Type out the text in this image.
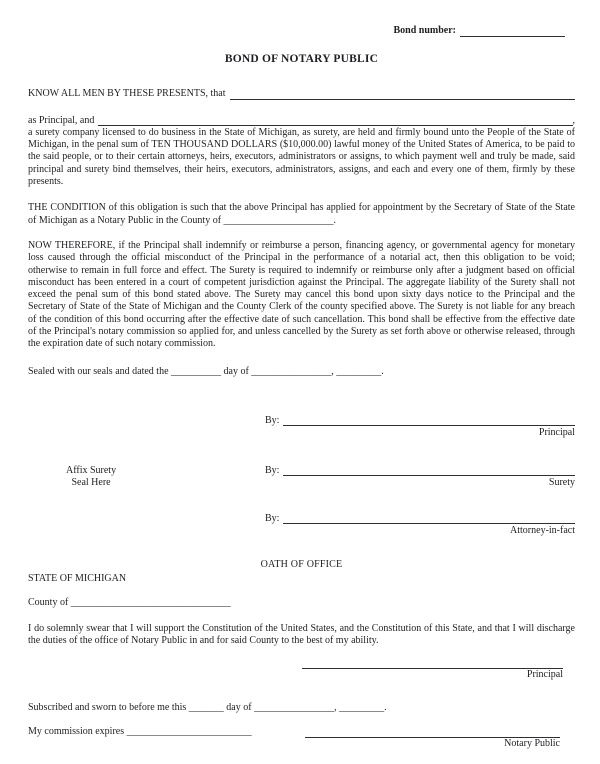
Bond number:
BOND OF NOTARY PUBLIC
KNOW ALL MEN BY THESE PRESENTS, that
as Principal, and	,
a surety company licensed to do business in the State of Michigan, as surety, are held and firmly bound unto the People of the State of Michigan, in the penal sum of TEN THOUSAND DOLLARS ($10,000.00) lawful money of the United States of America, to be paid to the said people, or to their certain attorneys, heirs, executors, administrators or assigns, to which payment well and truly be made, said principal and surety bind themselves, their heirs, executors, administrators, assigns, and each and every one of them, firmly by these presents.
THE CONDITION of this obligation is such that the above Principal has applied for appointment by the Secretary of State of the State of Michigan as a Notary Public in the County of ______________________.
NOW THEREFORE, if the Principal shall indemnify or reimburse a person, financing agency, or governmental agency for monetary loss caused through the official misconduct of the Principal in the performance of a notarial act, then this obligation to be void; otherwise to remain in full force and effect. The Surety is required to indemnify or reimburse only after a judgment based on official misconduct has been entered in a court of competent jurisdiction against the Principal. The aggregate liability of the Surety shall not exceed the penal sum of this bond stated above. The Surety may cancel this bond upon sixty days notice to the Principal and the Secretary of State of the State of Michigan and the County Clerk of the county specified above. The Surety is not liable for any breach of the condition of this bond occurring after the effective date of such cancellation. This bond shall be effective from the effective date of the Principal's notary commission so applied for, and unless cancelled by the Surety as set forth above or otherwise released, through the expiration date of such notary commission.
Sealed with our seals and dated the __________ day of ________________, _________.
By:
Principal
Affix Surety
Seal Here
By:
Surety
By:
Attorney-in-fact
OATH OF OFFICE
STATE OF MICHIGAN
County of ________________________________
I do solemnly swear that I will support the Constitution of the United States, and the Constitution of this State, and that I will discharge the duties of the office of Notary Public in and for said County to the best of my ability.
Principal
Subscribed and sworn to before me this _______ day of ________________, _________.
My commission expires _________________________
Notary Public
